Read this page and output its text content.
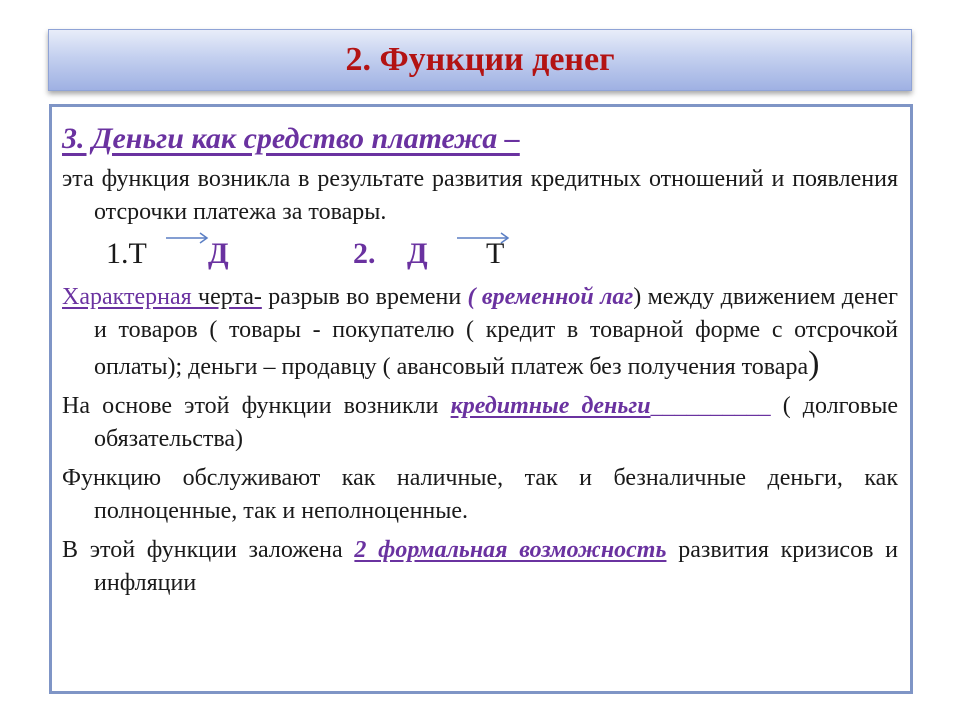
2. Функции денег

3. Деньги как средство платежа –

эта функция возникла в результате развития кредитных отношений и появления отсрочки платежа за товары.

1.Т Д	2. Д Т

Характерная черта- разрыв во времени ( временной лаг) между движением денег и товаров ( товары - покупателю ( кредит в товарной форме с отсрочкой оплаты); деньги – продавцу ( авансовый платеж без получения товара)

На основе этой функции возникли кредитные деньги__________ ( долговые обязательства)

Функцию обслуживают как наличные, так и безналичные деньги, как полноценные, так и неполноценные.

В этой функции заложена 2 формальная возможность развития кризисов и инфляции
